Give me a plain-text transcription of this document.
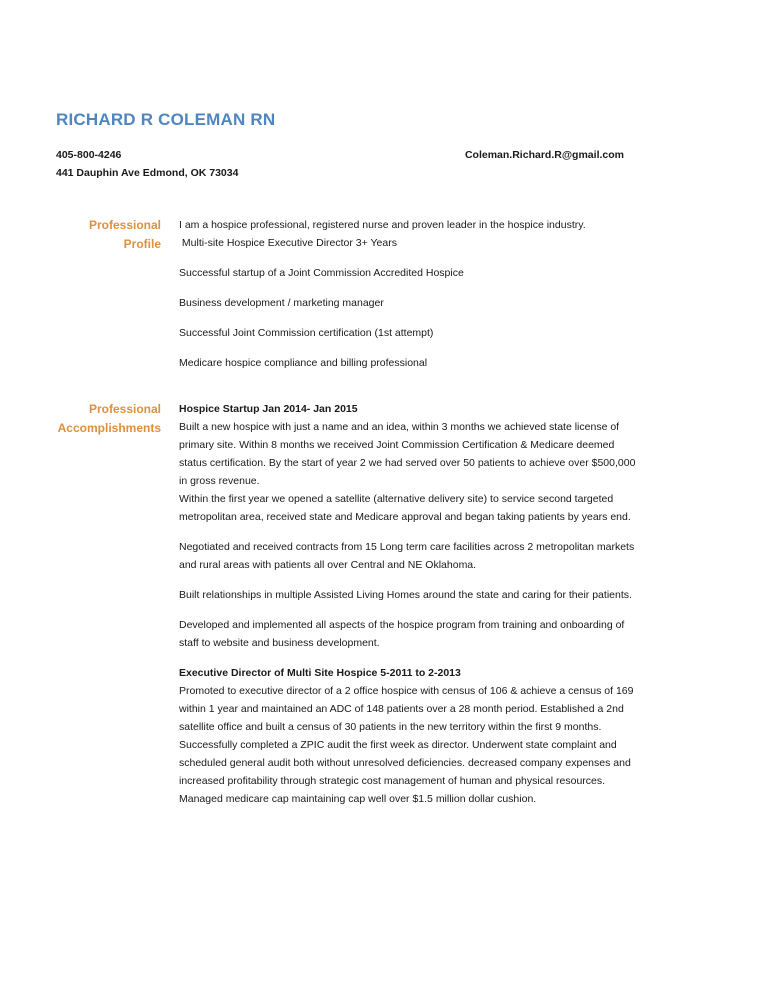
RICHARD R COLEMAN RN
405-800-4246	Coleman.Richard.R@gmail.com
441 Dauphin Ave Edmond, OK 73034
Professional
Profile

I am a hospice professional, registered nurse and proven leader in the hospice industry.

Multi-site Hospice Executive Director 3+ Years

Successful startup of a Joint Commission Accredited Hospice

Business development / marketing manager

Successful Joint Commission certification (1st attempt)

Medicare hospice compliance and billing professional

Professional
Accomplishments

Hospice Startup Jan 2014- Jan 2015

Built a new hospice with just a name and an idea, within 3 months we achieved state license of primary site. Within 8 months we received Joint Commission Certification & Medicare deemed status certification. By the start of year 2 we had served over 50 patients to achieve over $500,000 in gross revenue.

Within the first year we opened a satellite (alternative delivery site) to service second targeted metropolitan area, received state and Medicare approval and began taking patients by years end.

Negotiated and received contracts from 15 Long term care facilities across 2 metropolitan markets and rural areas with patients all over Central and NE Oklahoma.

Built relationships in multiple Assisted Living Homes around the state and caring for their patients.

Developed and implemented all aspects of the hospice program from training and onboarding of staff to website and business development.

Executive Director of Multi Site Hospice 5-2011 to 2-2013

Promoted to executive director of a 2 office hospice with census of 106 & achieve a census of 169 within 1 year and maintained an ADC of 148 patients over a 28 month period. Established a 2nd satellite office and built a census of 30 patients in the new territory within the first 9 months. Successfully completed a ZPIC audit the first week as director. Underwent state complaint and scheduled general audit both without unresolved deficiencies. decreased company expenses and increased profitability through strategic cost management of human and physical resources. Managed medicare cap maintaining cap well over $1.5 million dollar cushion.
